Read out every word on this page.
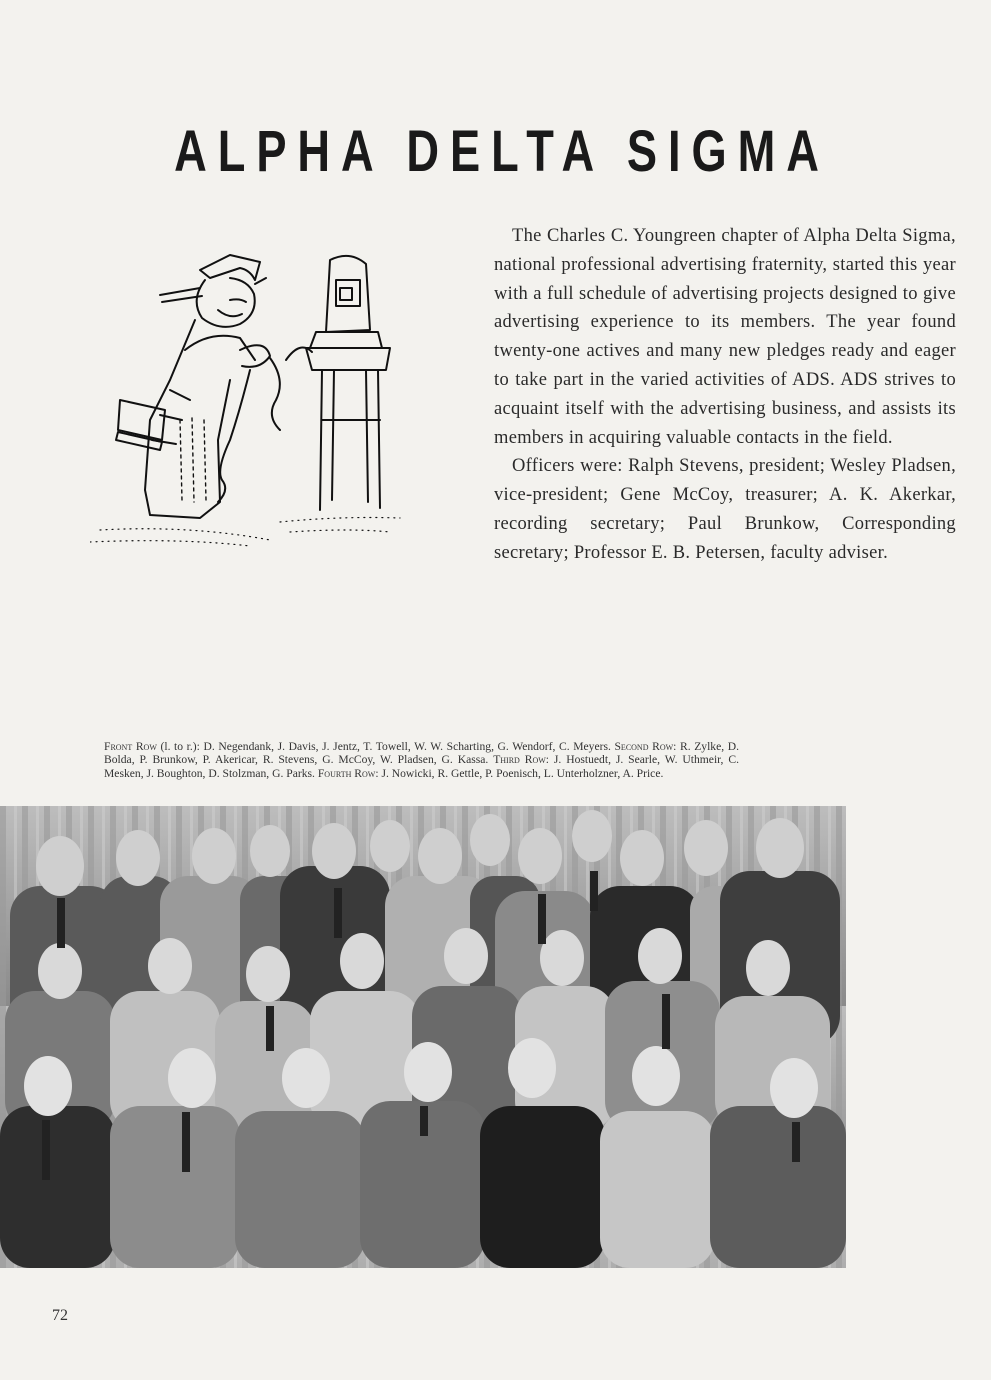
ALPHA DELTA SIGMA

The Charles C. Youngreen chapter of Alpha Delta Sigma, national professional advertising fraternity, started this year with a full schedule of advertising projects designed to give advertising experience to its members. The year found twenty-one actives and many new pledges ready and eager to take part in the varied activities of ADS. ADS strives to acquaint itself with the advertising business, and assists its members in acquiring valuable contacts in the field.

Officers were: Ralph Stevens, president; Wesley Pladsen, vice-president; Gene McCoy, treasurer; A. K. Akerkar, recording secretary; Paul Brunkow, Corresponding secretary; Professor E. B. Petersen, faculty adviser.

Front Row (l. to r.): D. Negendank, J. Davis, J. Jentz, T. Towell, W. W. Scharting, G. Wendorf, C. Meyers. Second Row: R. Zylke, D. Bolda, P. Brunkow, P. Akericar, R. Stevens, G. McCoy, W. Pladsen, G. Kassa. Third Row: J. Hostuedt, J. Searle, W. Uthmeir, C. Mesken, J. Boughton, D. Stolzman, G. Parks. Fourth Row: J. Nowicki, R. Gettle, P. Poenisch, L. Unterholzner, A. Price.
72
